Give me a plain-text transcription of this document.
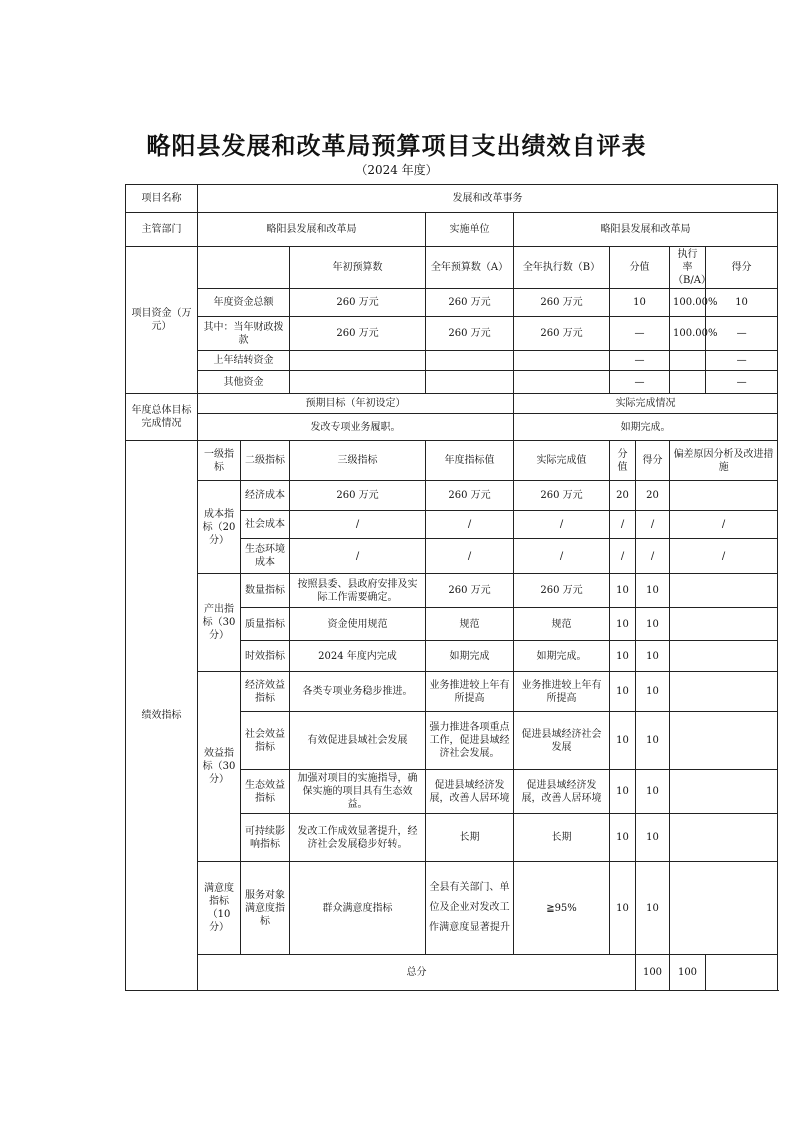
略阳县发展和改革局预算项目支出绩效自评表
（2024 年度）
项目名称	发展和改革事务								
主管部门	略阳县发展和改革局			实施单位	略阳县发展和改革局				
项目资金（万元）			年初预算数	全年预算数（A）	全年执行数（B）	分值		执行率（B/A）	得分
	年度资金总额		260 万元	260 万元	260 万元	10		100.00%	10
	其中：当年财政拨款		260 万元	260 万元	260 万元	—		100.00%	—
	上年结转资金					—			—
	其他资金					—			—
年度总体目标完成情况	预期目标（年初设定）				实际完成情况				
	发改专项业务履职。				如期完成。				
绩效指标	一级指标	二级指标	三级指标	年度指标值	实际完成值	分值	得分	偏差原因分析及改进措施	
	成本指标（20分）	经济成本	260 万元	260 万元	260 万元	20	20		
		社会成本	/	/	/	/	/	/	
		生态环境成本	/	/	/	/	/	/	
	产出指标（30分）	数量指标	按照县委、县政府安排及实际工作需要确定。	260 万元	260 万元	10	10		
		质量指标	资金使用规范	规范	规范	10	10		
		时效指标	2024 年度内完成	如期完成	如期完成。	10	10		
	效益指标（30分）	经济效益指标	各类专项业务稳步推进。	业务推进较上年有所提高	业务推进较上年有所提高	10	10		
		社会效益指标	有效促进县域社会发展	强力推进各项重点工作，促进县域经济社会发展。	促进县域经济社会发展	10	10		
		生态效益指标	加强对项目的实施指导，确保实施的项目具有生态效益。	促进县域经济发展，改善人居环境	促进县域经济发展，改善人居环境	10	10		
		可持续影响指标	发改工作成效显著提升，经济社会发展稳步好转。	长期	长期	10	10		
	满意度指标（10分）	服务对象满意度指标	群众满意度指标	全县有关部门、单位及企业对发改工作满意度显著提升	≧95%	10	10		
	总分						100	100	
